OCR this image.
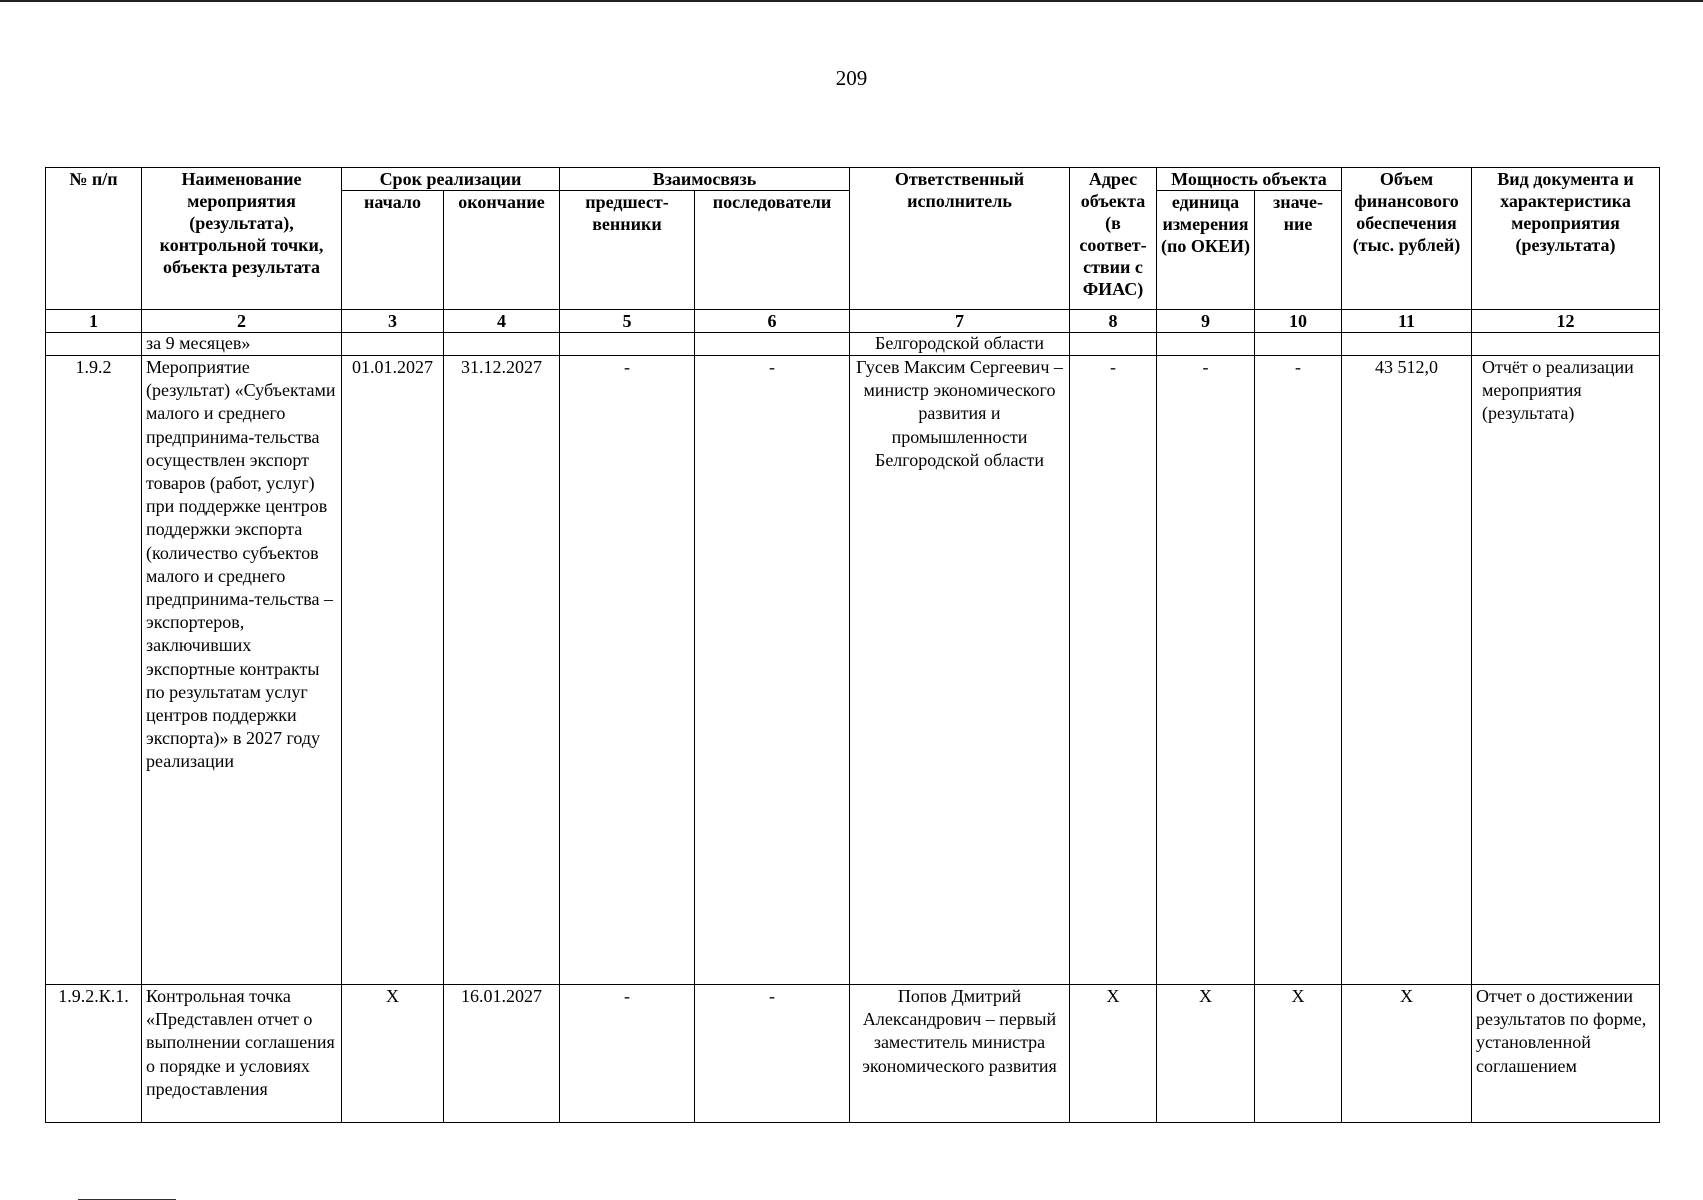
209
№ п/п	Наименование мероприятия (результата), контрольной точки, объекта результата	Срок реализации		Взаимосвязь		Ответственный исполнитель	Адрес объекта (в соответ-ствии с ФИАС)	Мощность объекта		Объем финансового обеспечения (тыс. рублей)	Вид документа и характеристика мероприятия (результата)
		начало	окончание	предшест-венники	последователи			единица измерения (по ОКЕИ)	значе-ние		
1	2	3	4	5	6	7	8	9	10	11	12
	за 9 месяцев»					Белгородской области					
1.9.2	Мероприятие (результат) «Субъектами малого и среднего предпринима-тельства осуществлен экспорт товаров (работ, услуг) при поддержке центров поддержки экспорта (количество субъектов малого и среднего предпринима-тельства – экспортеров, заключивших экспортные контракты по результатам услуг центров поддержки экспорта)» в 2027 году реализации	01.01.2027	31.12.2027	-	-	Гусев Максим Сергеевич – министр экономического развития и промышленности Белгородской области	-	-	-	43 512,0	Отчёт о реализации мероприятия (результата)
1.9.2.К.1.	Контрольная точка «Представлен отчет о выполнении соглашения о порядке и условиях предоставления	Х	16.01.2027	-	-	Попов Дмитрий Александрович – первый заместитель министра экономического развития	Х	Х	Х	Х	Отчет о достижении результатов по форме, установленной соглашением
